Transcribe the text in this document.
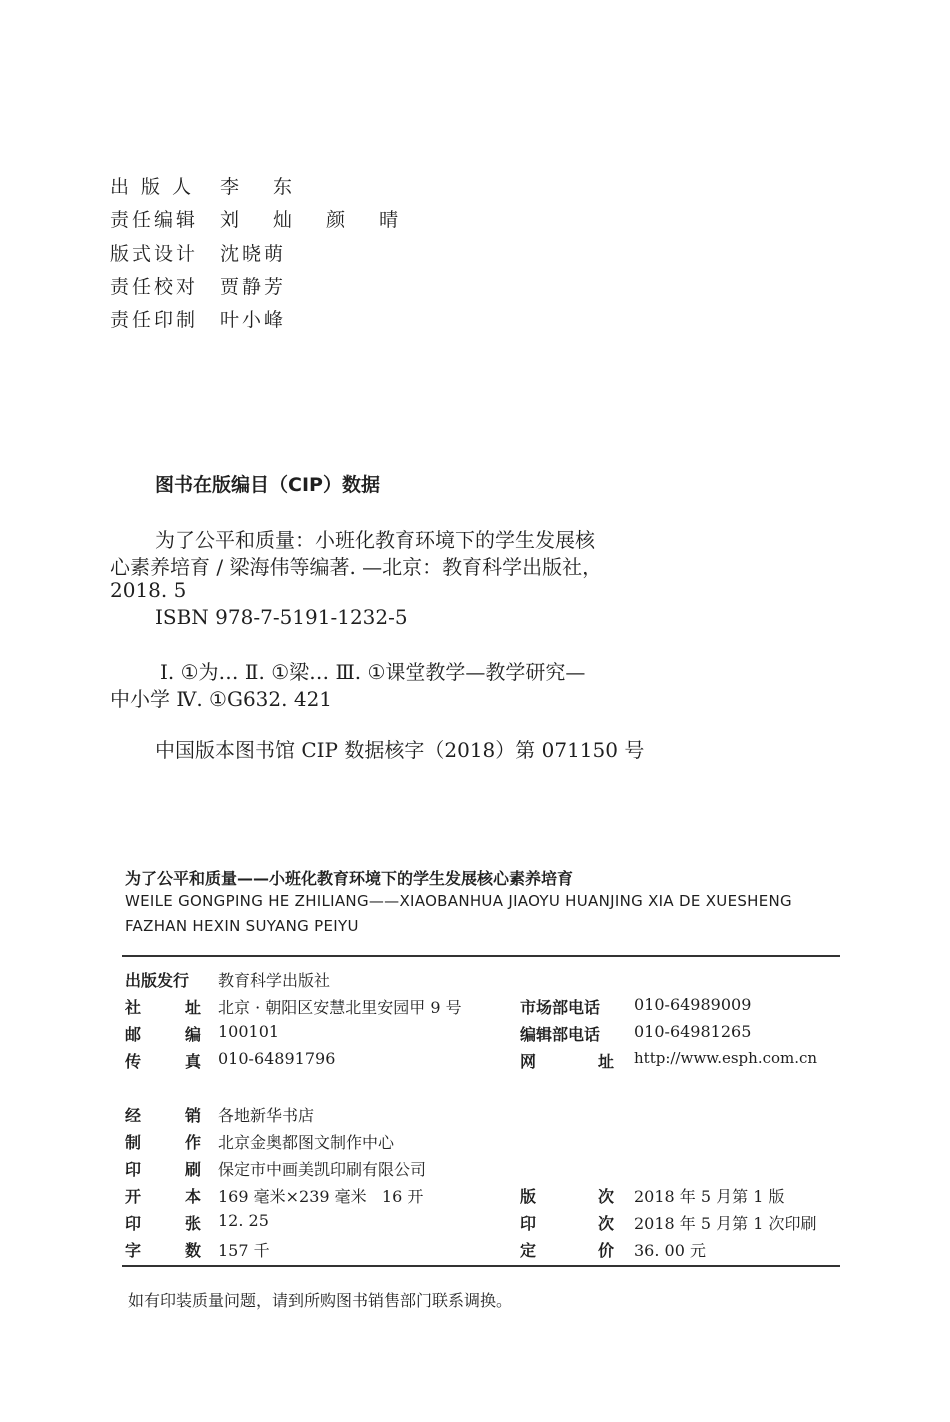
出版人 李 东
责任编辑 刘 灿 颜 晴
版式设计 沈晓萌
责任校对 贾静芳
责任印制 叶小峰
图书在版编目（CIP）数据
为了公平和质量：小班化教育环境下的学生发展核
心素养培育 / 梁海伟等编著. —北京：教育科学出版社，
2018. 5
ISBN 978-7-5191-1232-5
Ⅰ. ①为… Ⅱ. ①梁… Ⅲ. ①课堂教学—教学研究—
中小学 Ⅳ. ①G632. 421
中国版本图书馆 CIP 数据核字（2018）第 071150 号
为了公平和质量——小班化教育环境下的学生发展核心素养培育
WEILE GONGPING HE ZHILIANG——XIAOBANHUA JIAOYU HUANJING XIA DE XUESHENG
FAZHAN HEXIN SUYANG PEIYU
出版发行 教育科学出版社
社	址 北京 · 朝阳区安慧北里安园甲 9 号	市场部电话 010-64989009
邮	编 100101	编辑部电话 010-64981265
传	真 010-64891796	网	址 http://www.esph.com.cn
经	销 各地新华书店
制	作 北京金奥都图文制作中心
印	刷 保定市中画美凯印刷有限公司
开	本 169 毫米×239 毫米   16 开	版	次 2018 年 5 月第 1 版
印	张 12. 25	印	次 2018 年 5 月第 1 次印刷
字	数 157 千	定	价 36. 00 元
如有印装质量问题，请到所购图书销售部门联系调换。
